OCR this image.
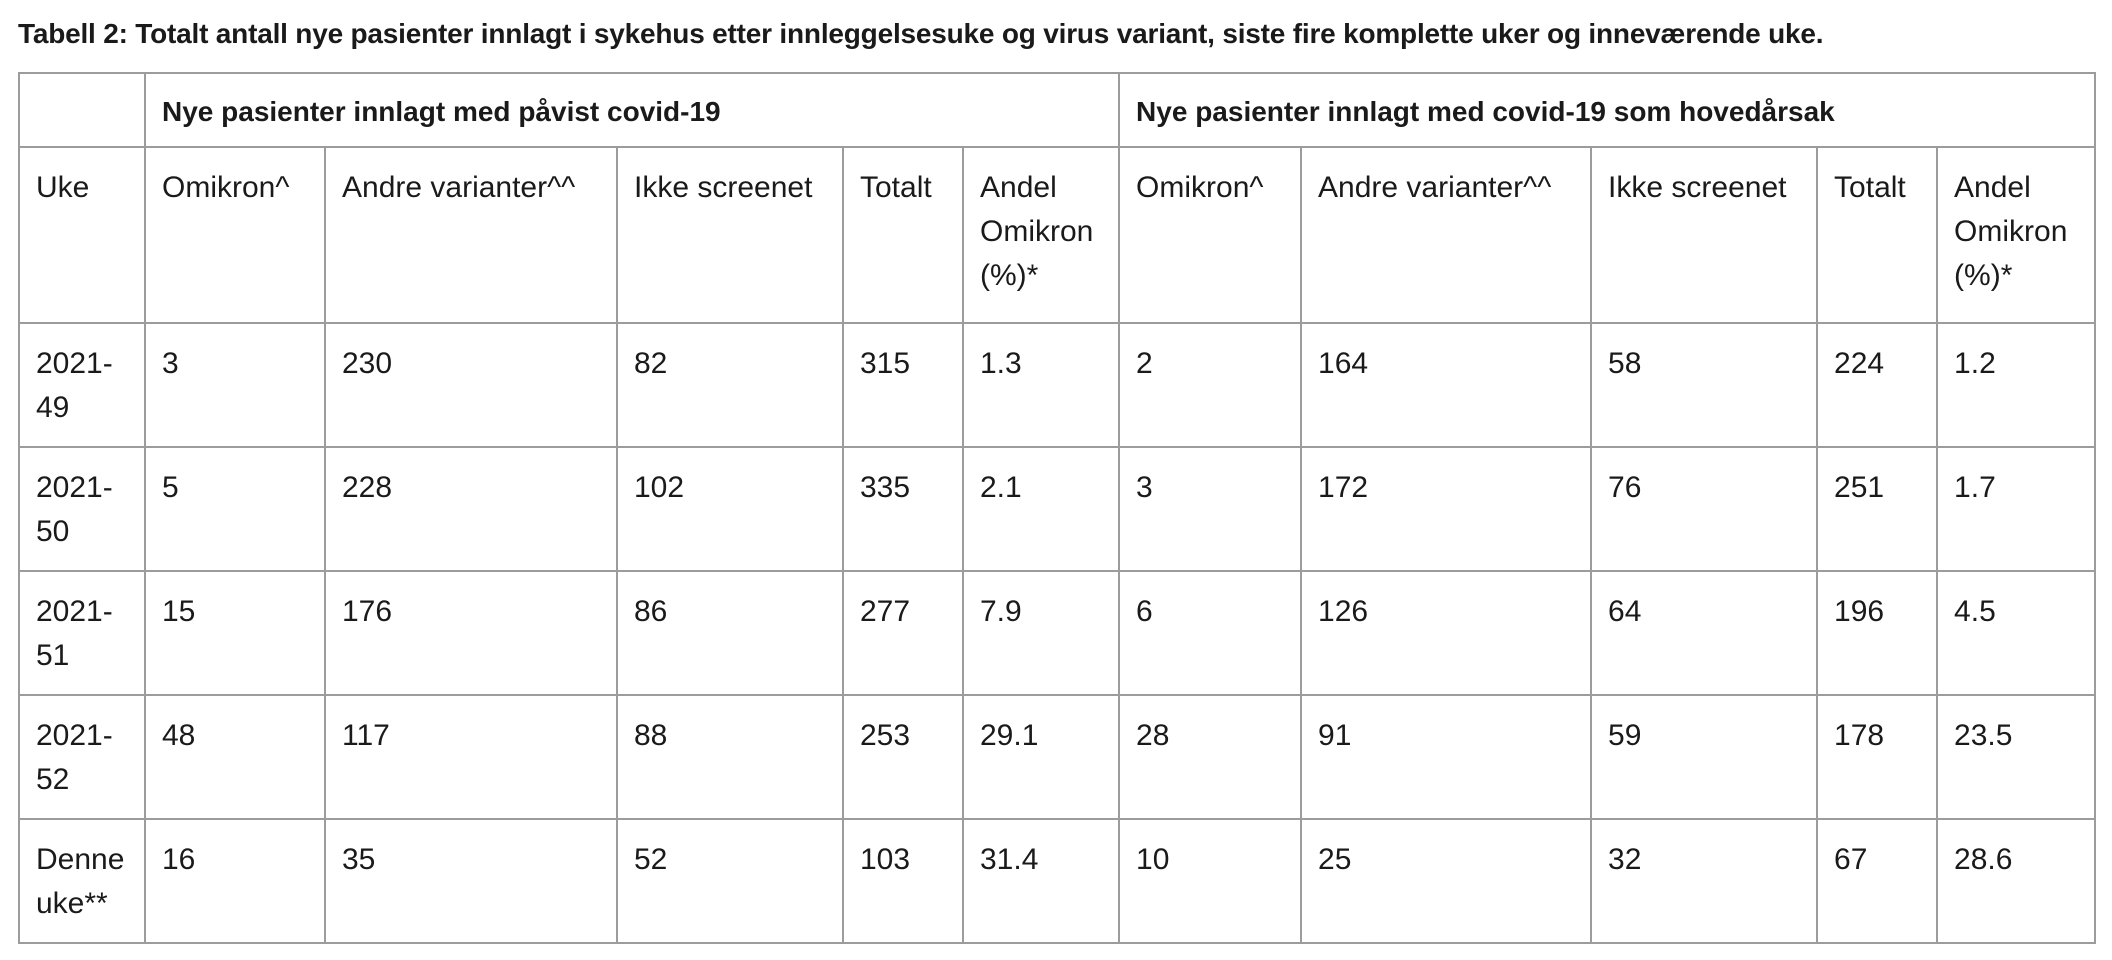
Tabell 2: Totalt antall nye pasienter innlagt i sykehus etter innleggelsesuke og virus variant, siste fire komplette uker og inneværende uke.
	Nye pasienter innlagt med påvist covid-19					Nye pasienter innlagt med covid-19 som hovedårsak				
Uke	Omikron^	Andre varianter^^	Ikke screenet	Totalt	Andel Omikron (%)*	Omikron^	Andre varianter^^	Ikke screenet	Totalt	Andel Omikron (%)*
2021-49	3	230	82	315	1.3	2	164	58	224	1.2
2021-50	5	228	102	335	2.1	3	172	76	251	1.7
2021-51	15	176	86	277	7.9	6	126	64	196	4.5
2021-52	48	117	88	253	29.1	28	91	59	178	23.5
Denne uke**	16	35	52	103	31.4	10	25	32	67	28.6
